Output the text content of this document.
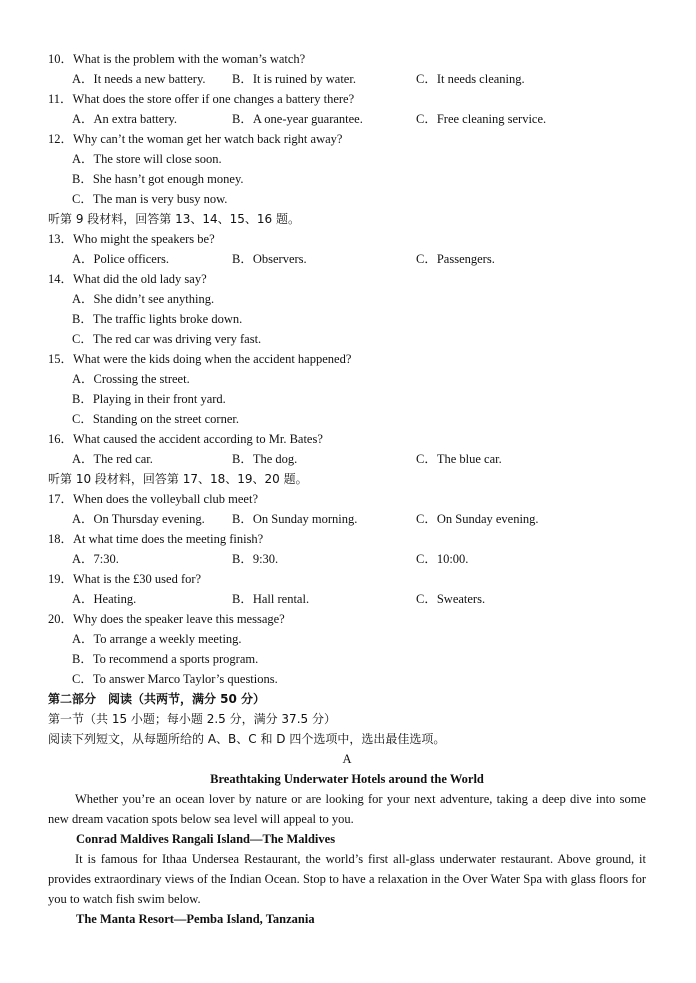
10．What is the problem with the woman’s watch?
A．It needs a new battery. B．It is ruined by water.	C．It needs cleaning.
11．What does the store offer if one changes a battery there?
A．An extra battery.	B．A one-year guarantee.	C．Free cleaning service.
12．Why can’t the woman get her watch back right away?
A．The store will close soon.
B．She hasn’t got enough money.
C．The man is very busy now.
听第 9 段材料，回答第 13、14、15、16 题。
13．Who might the speakers be?
A．Police officers.	B．Observers.	C．Passengers.
14．What did the old lady say?
A．She didn’t see anything.
B．The traffic lights broke down.
C．The red car was driving very fast.
15．What were the kids doing when the accident happened?
A．Crossing the street.
B．Playing in their front yard.
C．Standing on the street corner.
16．What caused the accident according to Mr. Bates?
A．The red car.	B．The dog.	C．The blue car.
听第 10 段材料，回答第 17、18、19、20 题。
17．When does the volleyball club meet?
A．On Thursday evening. B．On Sunday morning.	C．On Sunday evening.
18．At what time does the meeting finish?
A．7:30.	B．9:30.	C．10:00.
19．What is the £30 used for?
A．Heating.	B．Hall rental.	C．Sweaters.
20．Why does the speaker leave this message?
A．To arrange a weekly meeting.
B．To recommend a sports program.
C．To answer Marco Taylor’s questions.
第二部分　阅读（共两节，满分 50 分）
第一节（共 15 小题；每小题 2.5 分，满分 37.5 分）
阅读下列短文，从每题所给的 A、B、C 和 D 四个选项中，选出最佳选项。
A
Breathtaking Underwater Hotels around the World
Whether you’re an ocean lover by nature or are looking for your next adventure, taking a deep dive into some new dream vacation spots below sea level will appeal to you.
Conrad Maldives Rangali Island—The Maldives
It is famous for Ithaa Undersea Restaurant, the world’s first all-glass underwater restaurant. Above ground, it provides extraordinary views of the Indian Ocean. Stop to have a relaxation in the Over Water Spa with glass floors for you to watch fish swim below.
The Manta Resort—Pemba Island, Tanzania
